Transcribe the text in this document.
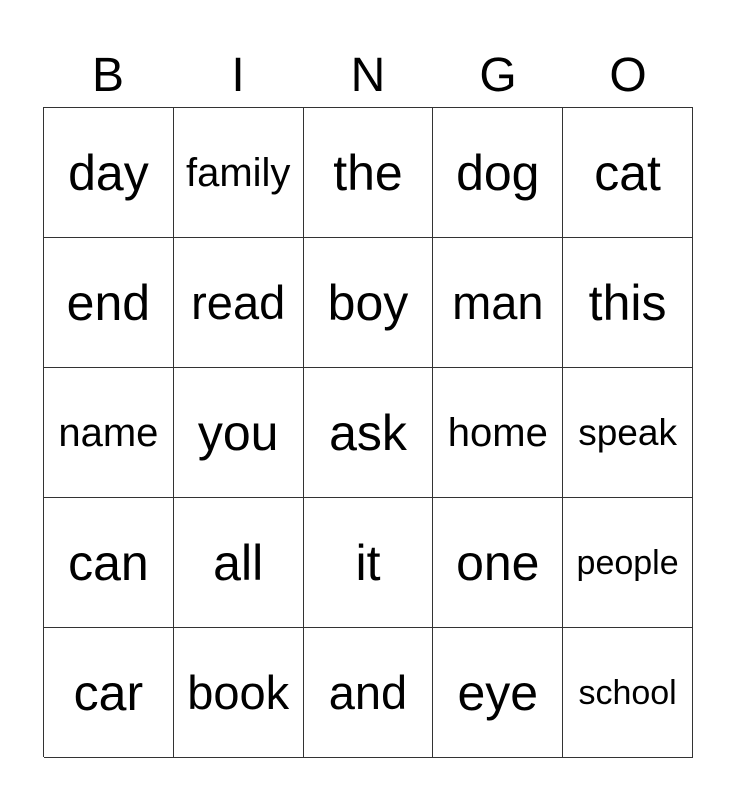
B	I	N	G	O
day family the dog cat
end read boy man this
name you ask home speak
can all it one people
car book and eye school
